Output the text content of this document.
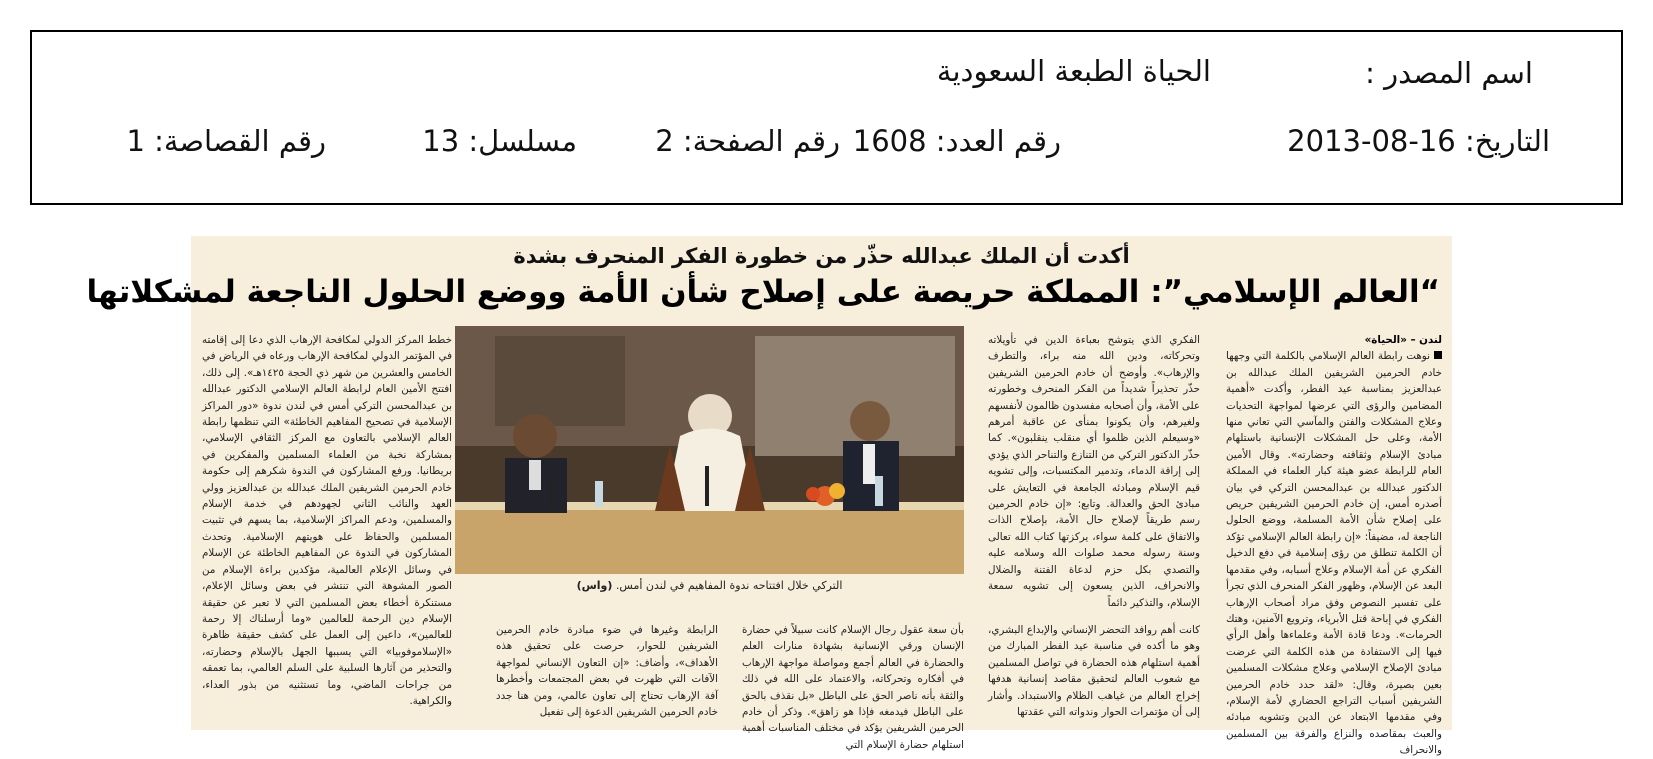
اسم المصدر :
الحياة الطبعة السعودية
التاريخ: 16-08-2013
رقم العدد: 1608
رقم الصفحة: 2
مسلسل: 13
رقم القصاصة: 1
أكدت أن الملك عبدالله حذّر من خطورة الفكر المنحرف بشدة
“العالم الإسلامي”: المملكة حريصة على إصلاح شأن الأمة ووضع الحلول الناجعة لمشكلاتها
لندن – «الحياة»
نوهت رابطة العالم الإسلامي بالكلمة التي وجهها خادم الحرمين الشريفين الملك عبدالله بن عبدالعزيز بمناسبة عيد الفطر، وأكدت «أهمية المضامين والرؤى التي عرضها لمواجهة التحديات وعلاج المشكلات والفتن والمآسي التي تعاني منها الأمة، وعلى حل المشكلات الإنسانية باستلهام مبادئ الإسلام وثقافته وحضارته». وقال الأمين العام للرابطة عضو هيئة كبار العلماء في المملكة الدكتور عبدالله بن عبدالمحسن التركي في بيان أصدره أمس، إن خادم الحرمين الشريفين حريص على إصلاح شأن الأمة المسلمة، ووضع الحلول الناجعة له، مضيفاً: «إن رابطة العالم الإسلامي تؤكد أن الكلمة تنطلق من رؤى إسلامية في دفع الدخيل الفكري عن أمة الإسلام وعلاج أسبابه، وفي مقدمها البعد عن الإسلام، وظهور الفكر المنحرف الذي تجرأ على تفسير النصوص وفق مراد أصحاب الإرهاب الفكري في إباحة قتل الأبرياء، وترويع الآمنين، وهتك الحرمات». ودعا قادة الأمة وعلماءها وأهل الرأي فيها إلى الاستفادة من هذه الكلمة التي عرضت مبادئ الإصلاح الإسلامي وعلاج مشكلات المسلمين بعين بصيرة، وقال: «لقد حدد خادم الحرمين الشريفين أسباب التراجع الحضاري لأمة الإسلام، وفي مقدمها الابتعاد عن الدين وتشويه مبادئه والعبث بمقاصده والنزاع والفرقة بين المسلمين والانحراف
الفكري الذي يتوشح بعباءة الدين في تأويلاته وتحركاته، ودين الله منه براء، والتطرف والإرهاب». وأوضح أن خادم الحرمين الشريفين حذّر تحذيراً شديداً من الفكر المنحرف وخطورته على الأمة، وأن أصحابه مفسدون ظالمون لأنفسهم ولغيرهم، وأن يكونوا بمنأى عن عاقبة أمرهم «وسيعلم الذين ظلموا أي منقلب ينقلبون». كما حذّر الدكتور التركي من التنازع والتناحر الذي يؤدي إلى إراقة الدماء، وتدمير المكتسبات، وإلى تشويه قيم الإسلام ومبادئه الجامعة في التعايش على مبادئ الحق والعدالة. وتابع: «إن خادم الحرمين رسم طريقاً لإصلاح حال الأمة، بإصلاح الذات والاتفاق على كلمة سواء، يركزتها كتاب الله تعالى وسنة رسوله محمد صلوات الله وسلامه عليه والتصدي بكل حزم لدعاة الفتنة والضلال والانحراف، الذين يسعون إلى تشويه سمعة الإسلام، والتذكير دائماً
كانت أهم روافد التحضر الإنساني والإبداع البشري، وهو ما أكده في مناسبة عيد الفطر المبارك من أهمية استلهام هذه الحضارة في تواصل المسلمين مع شعوب العالم لتحقيق مقاصد إنسانية هدفها إخراج العالم من غياهب الظلام والاستبداد. وأشار إلى أن مؤتمرات الحوار وندواته التي عقدتها
بأن سعة عقول رجال الإسلام كانت سبيلاً في حضارة الإنسان ورقي الإنسانية بشهادة منارات العلم والحضارة في العالم أجمع ومواصلة مواجهة الإرهاب في أفكاره وتحركاته، والاعتماد على الله في ذلك والثقة بأنه ناصر الحق على الباطل «بل نقذف بالحق على الباطل فيدمغه فإذا هو زاهق». وذكر أن خادم الحرمين الشريفين يؤكد في مختلف المناسبات أهمية استلهام حضارة الإسلام التي
الرابطة وغيرها في ضوء مبادرة خادم الحرمين الشريفين للحوار، حرصت على تحقيق هذه الأهداف»، وأضاف: «إن التعاون الإنساني لمواجهة الآفات التي ظهرت في بعض المجتمعات وأخطرها آفة الإرهاب تحتاج إلى تعاون عالمي، ومن هنا جدد خادم الحرمين الشريفين الدعوة إلى تفعيل
خطط المركز الدولي لمكافحة الإرهاب الذي دعا إلى إقامته في المؤتمر الدولي لمكافحة الإرهاب ورعاه في الرياض في الخامس والعشرين من شهر ذي الحجة ١٤٢٥هـ». إلى ذلك، افتتح الأمين العام لرابطة العالم الإسلامي الدكتور عبدالله بن عبدالمحسن التركي أمس في لندن ندوة «دور المراكز الإسلامية في تصحيح المفاهيم الخاطئة» التي تنظمها رابطة العالم الإسلامي بالتعاون مع المركز الثقافي الإسلامي، بمشاركة نخبة من العلماء المسلمين والمفكرين في بريطانيا. ورفع المشاركون في الندوة شكرهم إلى حكومة خادم الحرمين الشريفين الملك عبدالله بن عبدالعزيز وولي العهد والنائب الثاني لجهودهم في خدمة الإسلام والمسلمين، ودعم المراكز الإسلامية، بما يسهم في تثبيت المسلمين والحفاظ على هويتهم الإسلامية. وتحدث المشاركون في الندوة عن المفاهيم الخاطئة عن الإسلام في وسائل الإعلام العالمية، مؤكدين براءة الإسلام من الصور المشوهة التي تنتشر في بعض وسائل الإعلام، مستنكرة أخطاء بعض المسلمين التي لا تعبر عن حقيقة الإسلام دين الرحمة للعالمين «وما أرسلناك إلا رحمة للعالمين»، داعين إلى العمل على كشف حقيقة ظاهرة «الإسلاموفوبيا» التي يسببها الجهل بالإسلام وحضارته، والتحذير من آثارها السلبية على السلم العالمي، بما تعمقه من جراحات الماضي، وما تستثنيه من بذور العداء، والكراهية.
التركي خلال افتتاحه ندوة المفاهيم في لندن أمس. (واس)
